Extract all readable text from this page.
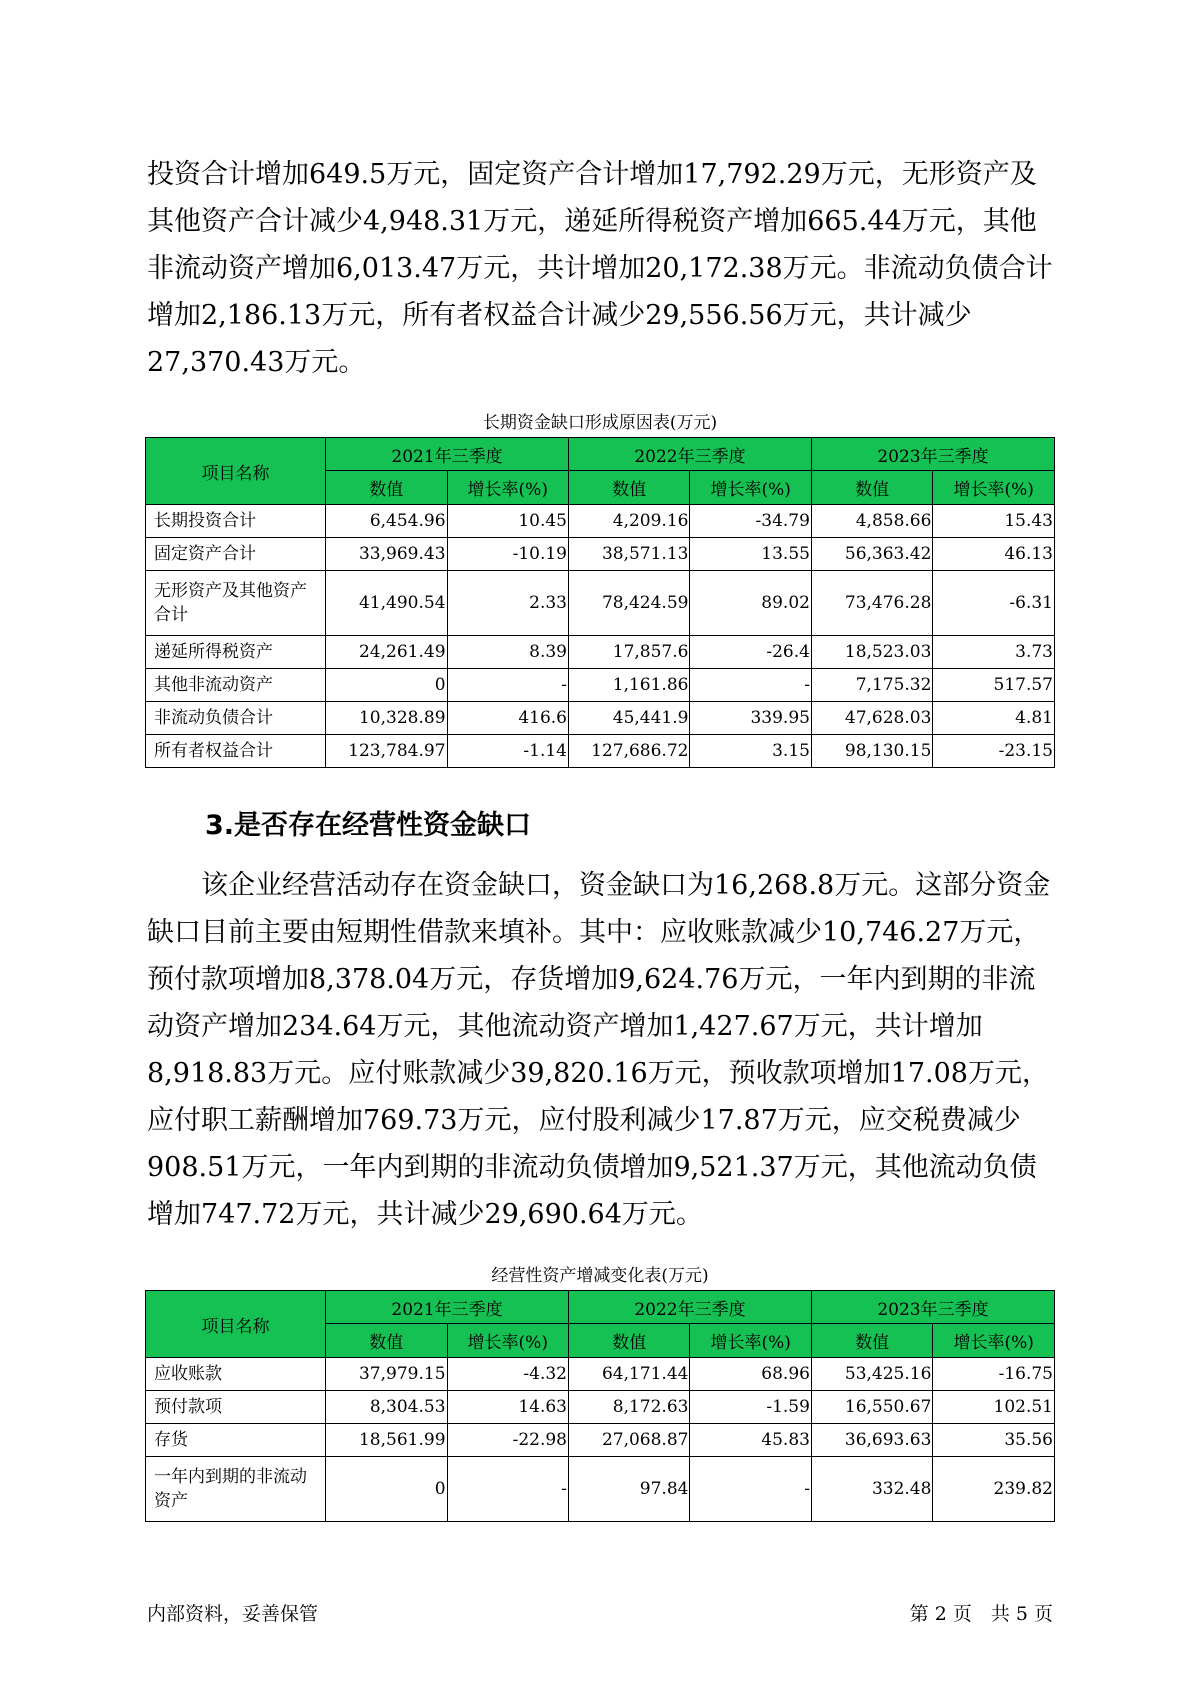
投资合计增加649.5万元，固定资产合计增加17,792.29万元，无形资产及其他资产合计减少4,948.31万元，递延所得税资产增加665.44万元，其他非流动资产增加6,013.47万元，共计增加20,172.38万元。非流动负债合计增加2,186.13万元，所有者权益合计减少29,556.56万元，共计减少27,370.43万元。

长期资金缺口形成原因表(万元)
项目名称	2021年三季度		2022年三季度		2023年三季度	
	数值	增长率(%)	数值	增长率(%)	数值	增长率(%)
长期投资合计	6,454.96	10.45	4,209.16	-34.79	4,858.66	15.43
固定资产合计	33,969.43	-10.19	38,571.13	13.55	56,363.42	46.13
无形资产及其他资产合计	41,490.54	2.33	78,424.59	89.02	73,476.28	-6.31
递延所得税资产	24,261.49	8.39	17,857.6	-26.4	18,523.03	3.73
其他非流动资产	0	-	1,161.86	-	7,175.32	517.57
非流动负债合计	10,328.89	416.6	45,441.9	339.95	47,628.03	4.81
所有者权益合计	123,784.97	-1.14	127,686.72	3.15	98,130.15	-23.15
3.是否存在经营性资金缺口

该企业经营活动存在资金缺口，资金缺口为16,268.8万元。这部分资金缺口目前主要由短期性借款来填补。其中：应收账款减少10,746.27万元，预付款项增加8,378.04万元，存货增加9,624.76万元，一年内到期的非流动资产增加234.64万元，其他流动资产增加1,427.67万元，共计增加8,918.83万元。应付账款减少39,820.16万元，预收款项增加17.08万元，应付职工薪酬增加769.73万元，应付股利减少17.87万元，应交税费减少908.51万元，一年内到期的非流动负债增加9,521.37万元，其他流动负债增加747.72万元，共计减少29,690.64万元。

经营性资产增减变化表(万元)
项目名称	2021年三季度		2022年三季度		2023年三季度	
	数值	增长率(%)	数值	增长率(%)	数值	增长率(%)
应收账款	37,979.15	-4.32	64,171.44	68.96	53,425.16	-16.75
预付款项	8,304.53	14.63	8,172.63	-1.59	16,550.67	102.51
存货	18,561.99	-22.98	27,068.87	45.83	36,693.63	35.56
一年内到期的非流动资产	0	-	97.84	-	332.48	239.82
内部资料，妥善保管	第 2 页　共 5 页
